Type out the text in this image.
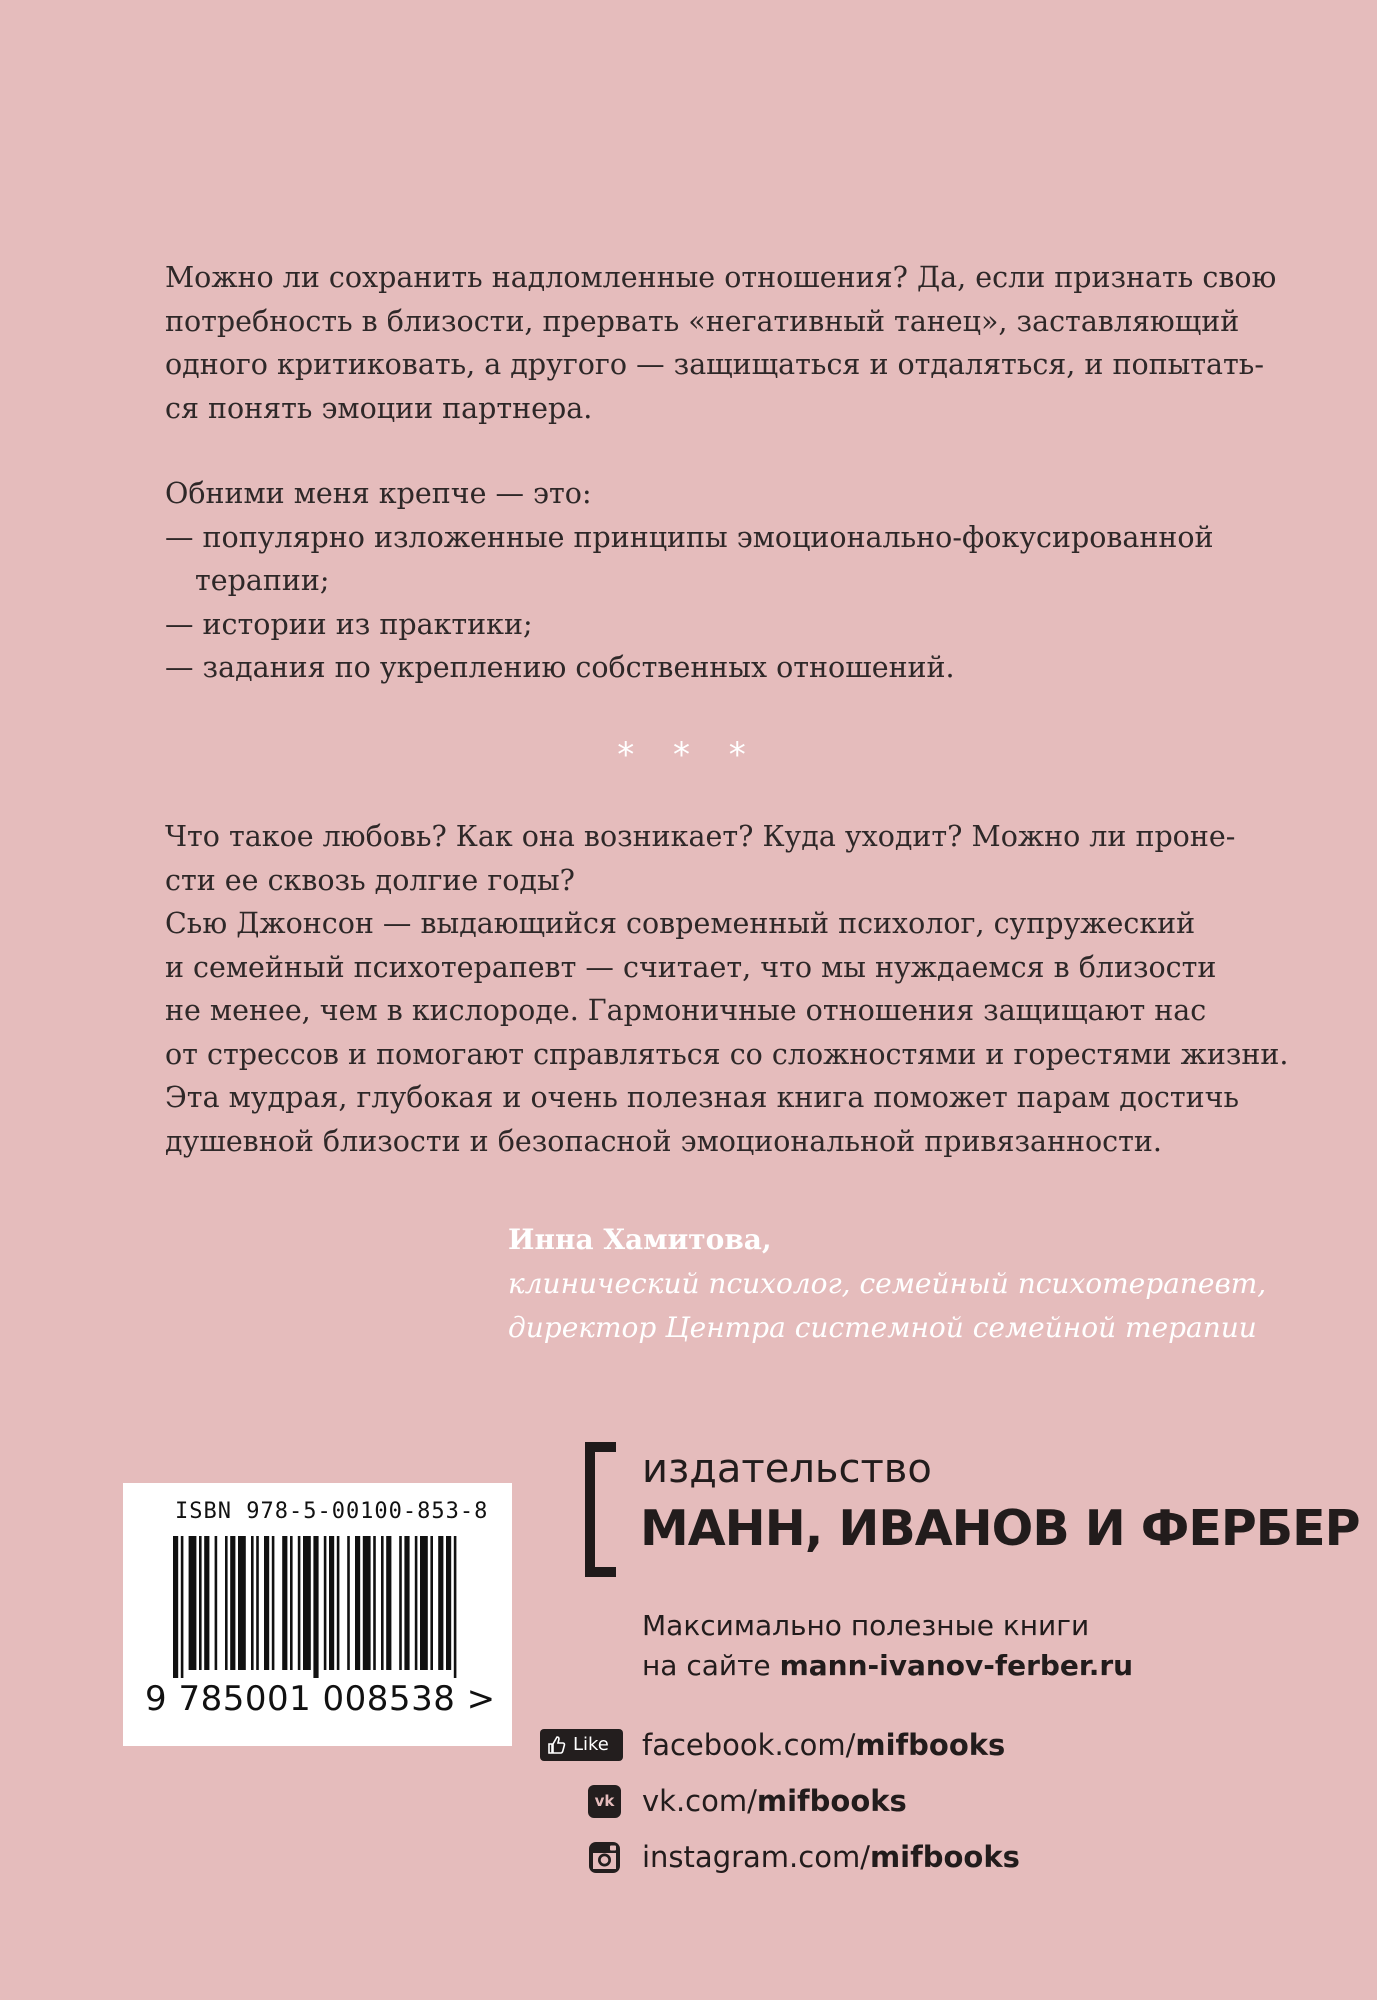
Можно ли сохранить надломленные отношения? Да, если признать свою
потребность в близости, прервать «негативный танец», заставляющий
одного критиковать, а другого — защищаться и отдаляться, и попытать-
ся понять эмоции партнера.
Обними меня крепче — это:
— популярно изложенные принципы эмоционально-фокусированной
терапии;
— истории из практики;
— задания по укреплению собственных отношений.
* * *
Что такое любовь? Как она возникает? Куда уходит? Можно ли проне-
сти ее сквозь долгие годы?
Сью Джонсон — выдающийся современный психолог, супружеский
и семейный психотерапевт — считает, что мы нуждаемся в близости
не менее, чем в кислороде. Гармоничные отношения защищают нас
от стрессов и помогают справляться со сложностями и горестями жизни.
Эта мудрая, глубокая и очень полезная книга поможет парам достичь
душевной близости и безопасной эмоциональной привязанности.
Инна Хамитова,
клинический психолог, семейный психотерапевт,
директор Центра системной семейной терапии
ISBN 978-5-00100-853-8
9 785001 008538 >
издательство
МАНН, ИВАНОВ И ФЕРБЕР
Максимально полезные книги
на сайте mann-ivanov-ferber.ru
Like facebook.com/mifbooks
vk vk.com/mifbooks
instagram.com/mifbooks
